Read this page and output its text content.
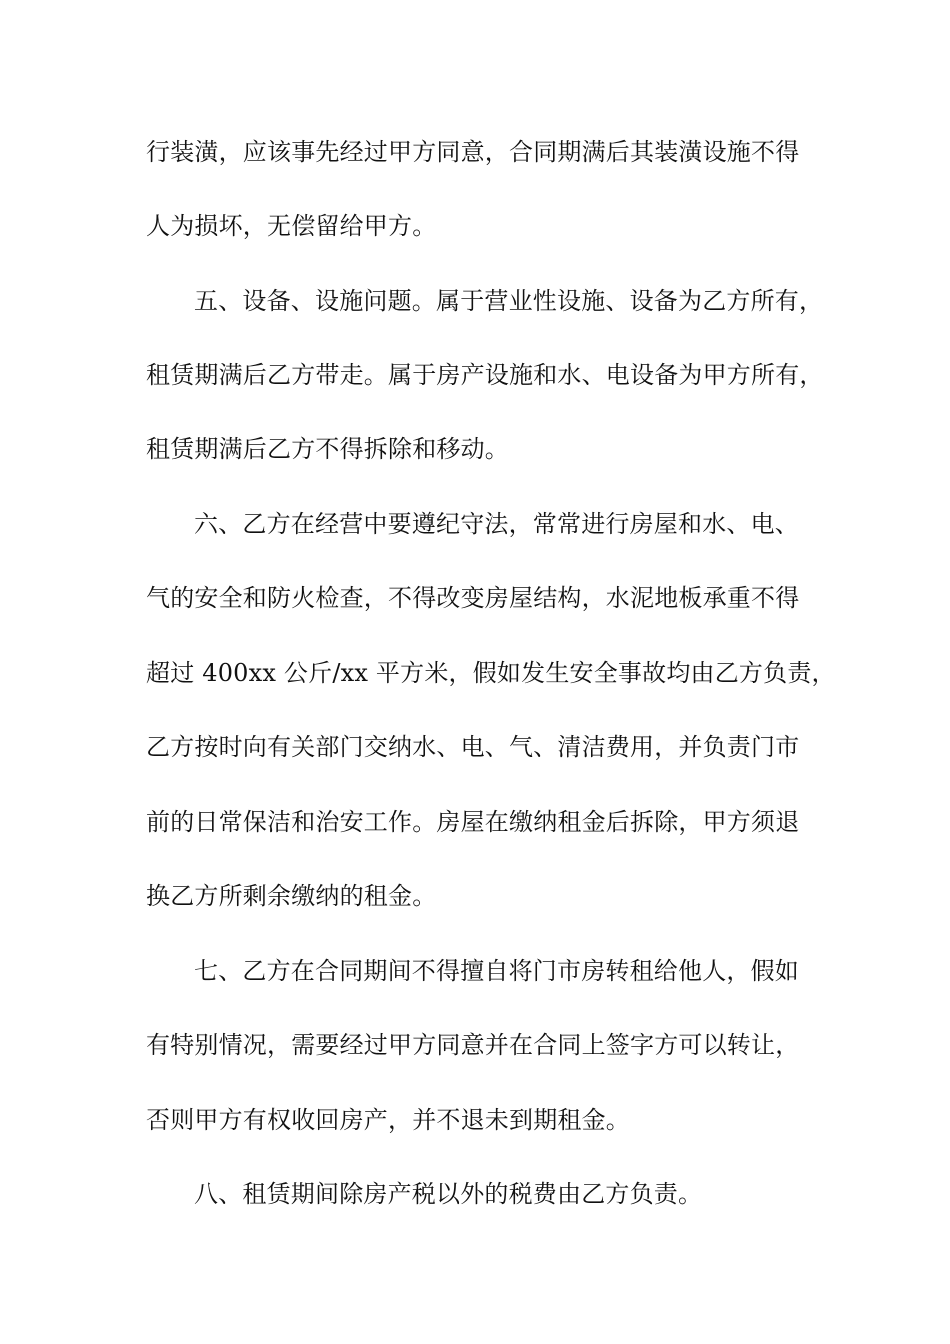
行装潢，应该事先经过甲方同意，合同期满后其装潢设施不得
人为损坏，无偿留给甲方。
五、设备、设施问题。属于营业性设施、设备为乙方所有，
租赁期满后乙方带走。属于房产设施和水、电设备为甲方所有，
租赁期满后乙方不得拆除和移动。
六、乙方在经营中要遵纪守法，常常进行房屋和水、电、
气的安全和防火检查，不得改变房屋结构，水泥地板承重不得
超过 400xx 公斤/xx 平方米，假如发生安全事故均由乙方负责，
乙方按时向有关部门交纳水、电、气、清洁费用，并负责门市
前的日常保洁和治安工作。房屋在缴纳租金后拆除，甲方须退
换乙方所剩余缴纳的租金。
七、乙方在合同期间不得擅自将门市房转租给他人，假如
有特别情况，需要经过甲方同意并在合同上签字方可以转让，
否则甲方有权收回房产，并不退未到期租金。
八、租赁期间除房产税以外的税费由乙方负责。
